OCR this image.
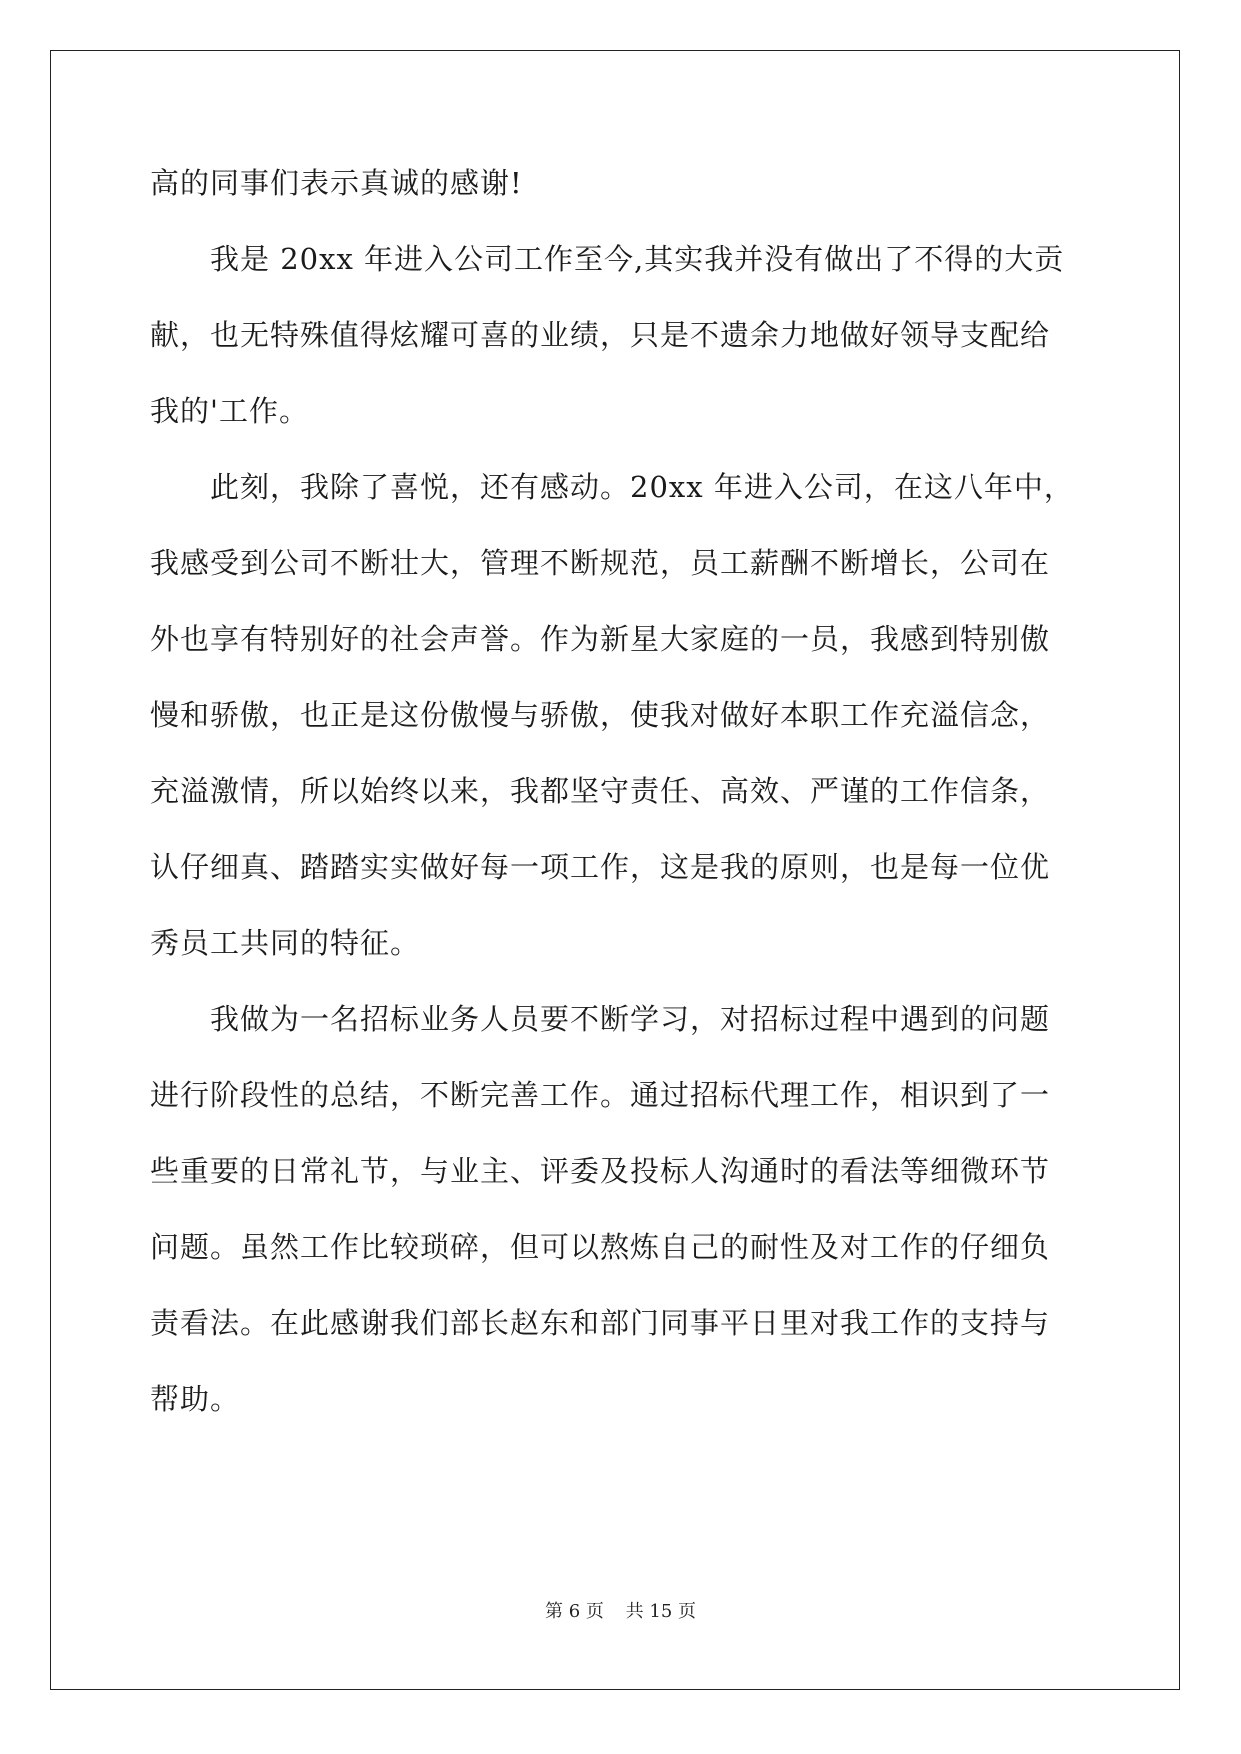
高的同事们表示真诚的感谢!
　　我是 20xx 年进入公司工作至今,其实我并没有做出了不得的大贡
献，也无特殊值得炫耀可喜的业绩，只是不遗余力地做好领导支配给
我的'工作。
　　此刻，我除了喜悦，还有感动。20xx 年进入公司，在这八年中，
我感受到公司不断壮大，管理不断规范，员工薪酬不断增长，公司在
外也享有特别好的社会声誉。作为新星大家庭的一员，我感到特别傲
慢和骄傲，也正是这份傲慢与骄傲，使我对做好本职工作充溢信念，
充溢激情，所以始终以来，我都坚守责任、高效、严谨的工作信条，
认仔细真、踏踏实实做好每一项工作，这是我的原则，也是每一位优
秀员工共同的特征。
　　我做为一名招标业务人员要不断学习，对招标过程中遇到的问题
进行阶段性的总结，不断完善工作。通过招标代理工作，相识到了一
些重要的日常礼节，与业主、评委及投标人沟通时的看法等细微环节
问题。虽然工作比较琐碎，但可以熬炼自己的耐性及对工作的仔细负
责看法。在此感谢我们部长赵东和部门同事平日里对我工作的支持与
帮助。
第 6 页 共 15 页
